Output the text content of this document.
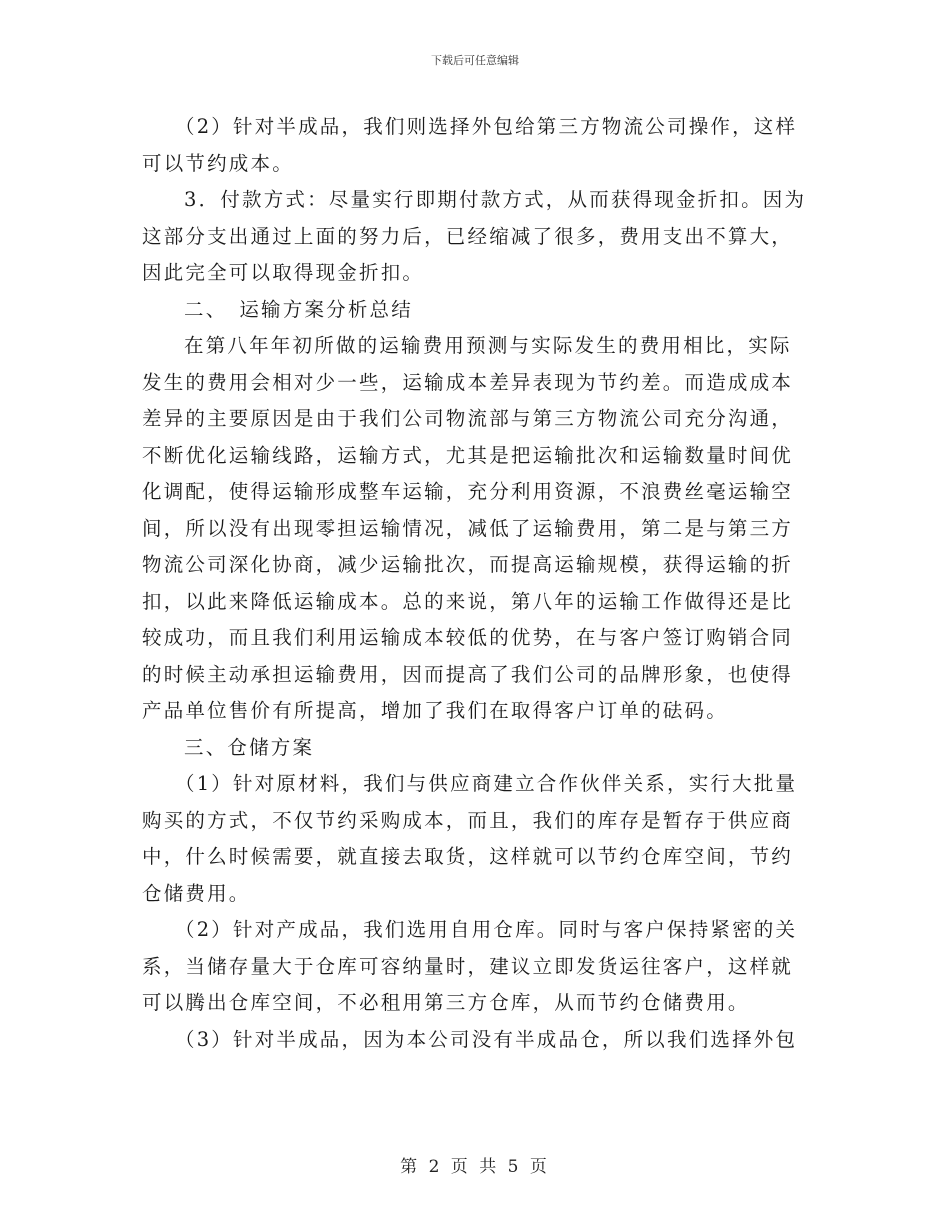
下载后可任意编辑
（2）针对半成品，我们则选择外包给第三方物流公司操作，这样
可以节约成本。
3．付款方式：尽量实行即期付款方式，从而获得现金折扣。因为
这部分支出通过上面的努力后，已经缩减了很多，费用支出不算大，
因此完全可以取得现金折扣。
二、　运输方案分析总结
在第八年年初所做的运输费用预测与实际发生的费用相比，实际
发生的费用会相对少一些，运输成本差异表现为节约差。而造成成本
差异的主要原因是由于我们公司物流部与第三方物流公司充分沟通，
不断优化运输线路，运输方式，尤其是把运输批次和运输数量时间优
化调配，使得运输形成整车运输，充分利用资源，不浪费丝毫运输空
间，所以没有出现零担运输情况，减低了运输费用，第二是与第三方
物流公司深化协商，减少运输批次，而提高运输规模，获得运输的折
扣，以此来降低运输成本。总的来说，第八年的运输工作做得还是比
较成功，而且我们利用运输成本较低的优势，在与客户签订购销合同
的时候主动承担运输费用，因而提高了我们公司的品牌形象，也使得
产品单位售价有所提高，增加了我们在取得客户订单的砝码。
三、仓储方案
（1）针对原材料，我们与供应商建立合作伙伴关系，实行大批量
购买的方式，不仅节约采购成本，而且，我们的库存是暂存于供应商
中，什么时候需要，就直接去取货，这样就可以节约仓库空间，节约
仓储费用。
（2）针对产成品，我们选用自用仓库。同时与客户保持紧密的关
系，当储存量大于仓库可容纳量时，建议立即发货运往客户，这样就
可以腾出仓库空间，不必租用第三方仓库，从而节约仓储费用。
（3）针对半成品，因为本公司没有半成品仓，所以我们选择外包
第 2 页 共 5 页
